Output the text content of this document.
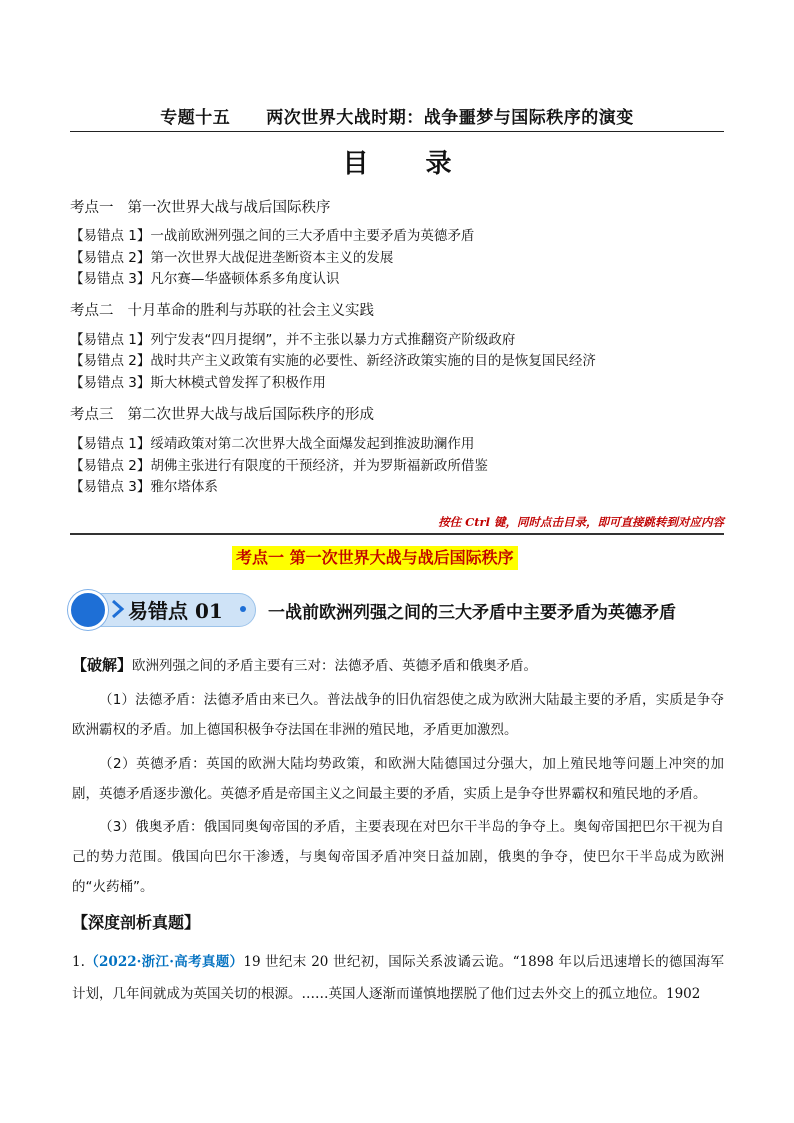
专题十五 两次世界大战时期：战争噩梦与国际秩序的演变
目 录
考点一 第一次世界大战与战后国际秩序
【易错点 1】一战前欧洲列强之间的三大矛盾中主要矛盾为英德矛盾
【易错点 2】第一次世界大战促进垄断资本主义的发展
【易错点 3】凡尔赛—华盛顿体系多角度认识
考点二 十月革命的胜利与苏联的社会主义实践
【易错点 1】列宁发表“四月提纲”，并不主张以暴力方式推翻资产阶级政府
【易错点 2】战时共产主义政策有实施的必要性、新经济政策实施的目的是恢复国民经济
【易错点 3】斯大林模式曾发挥了积极作用
考点三 第二次世界大战与战后国际秩序的形成
【易错点 1】绥靖政策对第二次世界大战全面爆发起到推波助澜作用
【易错点 2】胡佛主张进行有限度的干预经济，并为罗斯福新政所借鉴
【易错点 3】雅尔塔体系
按住 Ctrl 键，同时点击目录，即可直接跳转到对应内容
考点一 第一次世界大战与战后国际秩序
易错点 01	一战前欧洲列强之间的三大矛盾中主要矛盾为英德矛盾
【破解】欧洲列强之间的矛盾主要有三对：法德矛盾、英德矛盾和俄奥矛盾。
（1）法德矛盾：法德矛盾由来已久。普法战争的旧仇宿怨使之成为欧洲大陆最主要的矛盾，实质是争夺欧洲霸权的矛盾。加上德国积极争夺法国在非洲的殖民地，矛盾更加激烈。
（2）英德矛盾：英国的欧洲大陆均势政策，和欧洲大陆德国过分强大，加上殖民地等问题上冲突的加剧，英德矛盾逐步激化。英德矛盾是帝国主义之间最主要的矛盾，实质上是争夺世界霸权和殖民地的矛盾。
（3）俄奥矛盾：俄国同奥匈帝国的矛盾，主要表现在对巴尔干半岛的争夺上。奥匈帝国把巴尔干视为自己的势力范围。俄国向巴尔干渗透，与奥匈帝国矛盾冲突日益加剧，俄奥的争夺，使巴尔干半岛成为欧洲的“火药桶”。
【深度剖析真题】
1.（2022·浙江·高考真题）19 世纪末 20 世纪初，国际关系波谲云诡。“1898 年以后迅速增长的德国海军计划，几年间就成为英国关切的根源。……英国人逐渐而谨慎地摆脱了他们过去外交上的孤立地位。1902
